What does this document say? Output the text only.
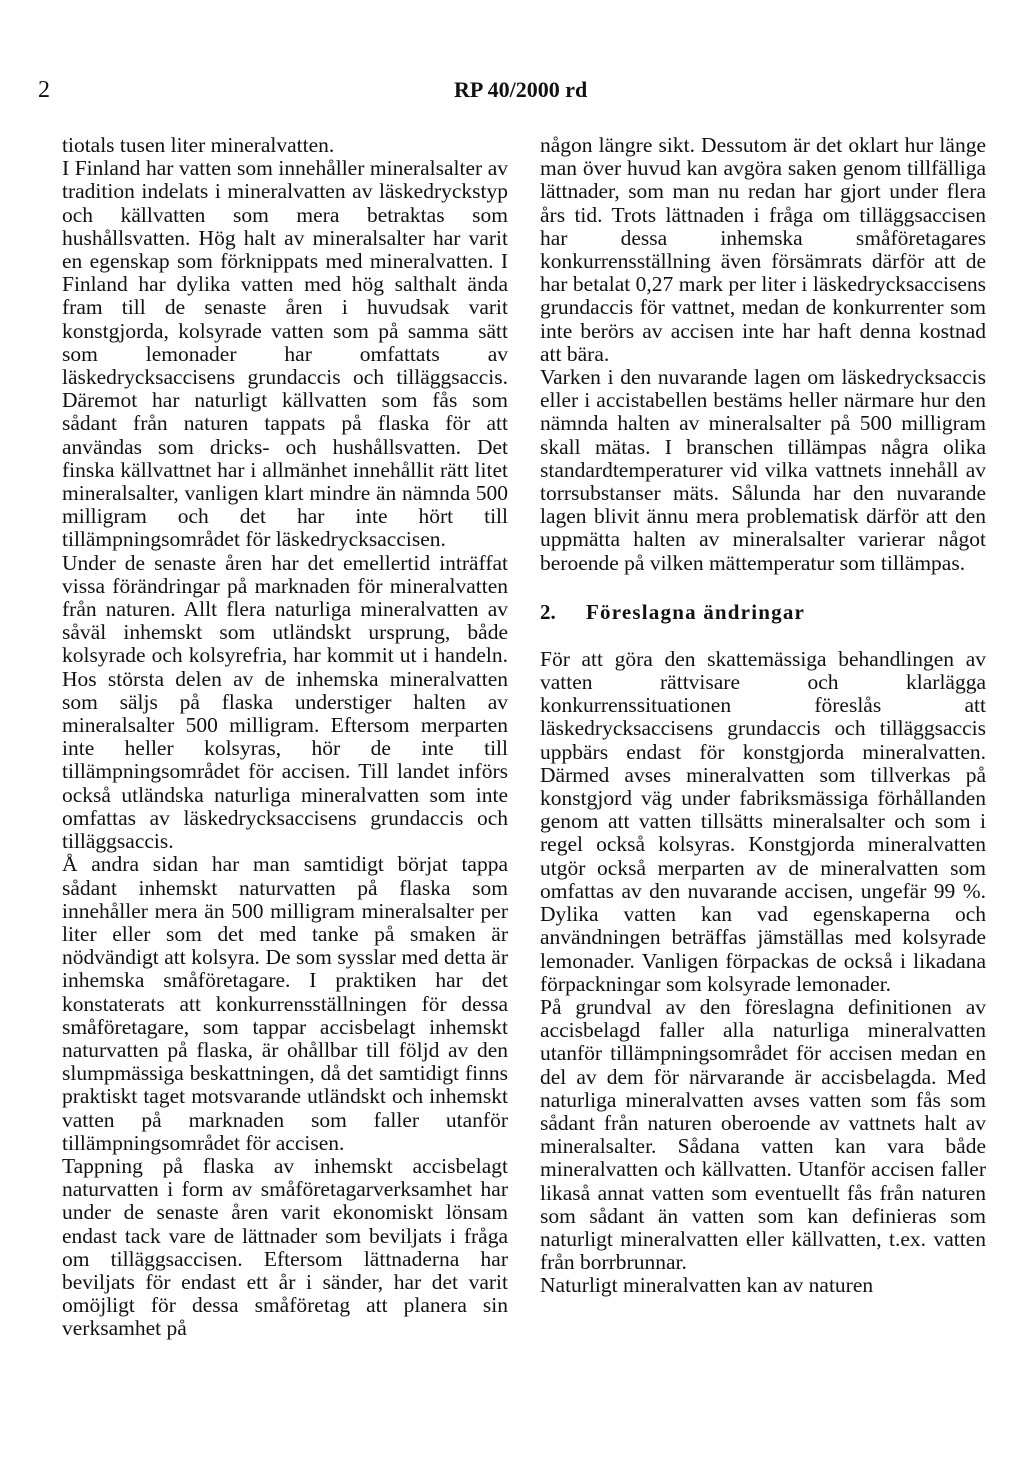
2	RP 40/2000 rd

tiotals tusen liter mineralvatten.

I Finland har vatten som innehåller mineralsalter av tradition indelats i mineralvatten av läskedryckstyp och källvatten som mera betraktas som hushållsvatten. Hög halt av mineralsalter har varit en egenskap som förknippats med mineralvatten. I Finland har dylika vatten med hög salthalt ända fram till de senaste åren i huvudsak varit konstgjorda, kolsyrade vatten som på samma sätt som lemonader har omfattats av läskedrycksaccisens grundaccis och tilläggsaccis. Däremot har naturligt källvatten som fås som sådant från naturen tappats på flaska för att användas som dricks- och hushållsvatten. Det finska källvattnet har i allmänhet innehållit rätt litet mineralsalter, vanligen klart mindre än nämnda 500 milligram och det har inte hört till tillämpningsområdet för läskedrycksaccisen.

Under de senaste åren har det emellertid inträffat vissa förändringar på marknaden för mineralvatten från naturen. Allt flera naturliga mineralvatten av såväl inhemskt som utländskt ursprung, både kolsyrade och kolsyrefria, har kommit ut i handeln. Hos största delen av de inhemska mineralvatten som säljs på flaska understiger halten av mineralsalter 500 milligram. Eftersom merparten inte heller kolsyras, hör de inte till tillämpningsområdet för accisen. Till landet införs också utländska naturliga mineralvatten som inte omfattas av läskedrycksaccisens grundaccis och tilläggsaccis.

Å andra sidan har man samtidigt börjat tappa sådant inhemskt naturvatten på flaska som innehåller mera än 500 milligram mineralsalter per liter eller som det med tanke på smaken är nödvändigt att kolsyra. De som sysslar med detta är inhemska småföretagare. I praktiken har det konstaterats att konkurrensställningen för dessa småföretagare, som tappar accisbelagt inhemskt naturvatten på flaska, är ohållbar till följd av den slumpmässiga beskattningen, då det samtidigt finns praktiskt taget motsvarande utländskt och inhemskt vatten på marknaden som faller utanför tillämpningsområdet för accisen.

Tappning på flaska av inhemskt accisbelagt naturvatten i form av småföretagarverksamhet har under de senaste åren varit ekonomiskt lönsam endast tack vare de lättnader som beviljats i fråga om tilläggsaccisen. Eftersom lättnaderna har beviljats för endast ett år i sänder, har det varit omöjligt för dessa småföretag att planera sin verksamhet på

någon längre sikt. Dessutom är det oklart hur länge man över huvud kan avgöra saken genom tillfälliga lättnader, som man nu redan har gjort under flera års tid. Trots lättnaden i fråga om tilläggsaccisen har dessa inhemska småföretagares konkurrensställning även försämrats därför att de har betalat 0,27 mark per liter i läskedrycksaccisens grundaccis för vattnet, medan de konkurrenter som inte berörs av accisen inte har haft denna kostnad att bära.

Varken i den nuvarande lagen om läskedrycksaccis eller i accistabellen bestäms heller närmare hur den nämnda halten av mineralsalter på 500 milligram skall mätas. I branschen tillämpas några olika standardtemperaturer vid vilka vattnets innehåll av torrsubstanser mäts. Sålunda har den nuvarande lagen blivit ännu mera problematisk därför att den uppmätta halten av mineralsalter varierar något beroende på vilken mättemperatur som tillämpas.

2. Föreslagna ändringar

För att göra den skattemässiga behandlingen av vatten rättvisare och klarlägga konkurrenssituationen föreslås att läskedrycksaccisens grundaccis och tilläggsaccis uppbärs endast för konstgjorda mineralvatten. Därmed avses mineralvatten som tillverkas på konstgjord väg under fabriksmässiga förhållanden genom att vatten tillsätts mineralsalter och som i regel också kolsyras. Konstgjorda mineralvatten utgör också merparten av de mineralvatten som omfattas av den nuvarande accisen, ungefär 99 %. Dylika vatten kan vad egenskaperna och användningen beträffas jämställas med kolsyrade lemonader. Vanligen förpackas de också i likadana förpackningar som kolsyrade lemonader.

På grundval av den föreslagna definitionen av accisbelagd faller alla naturliga mineralvatten utanför tillämpningsområdet för accisen medan en del av dem för närvarande är accisbelagda. Med naturliga mineralvatten avses vatten som fås som sådant från naturen oberoende av vattnets halt av mineralsalter. Sådana vatten kan vara både mineralvatten och källvatten. Utanför accisen faller likaså annat vatten som eventuellt fås från naturen som sådant än vatten som kan definieras som naturligt mineralvatten eller källvatten, t.ex. vatten från borrbrunnar.

Naturligt mineralvatten kan av naturen
